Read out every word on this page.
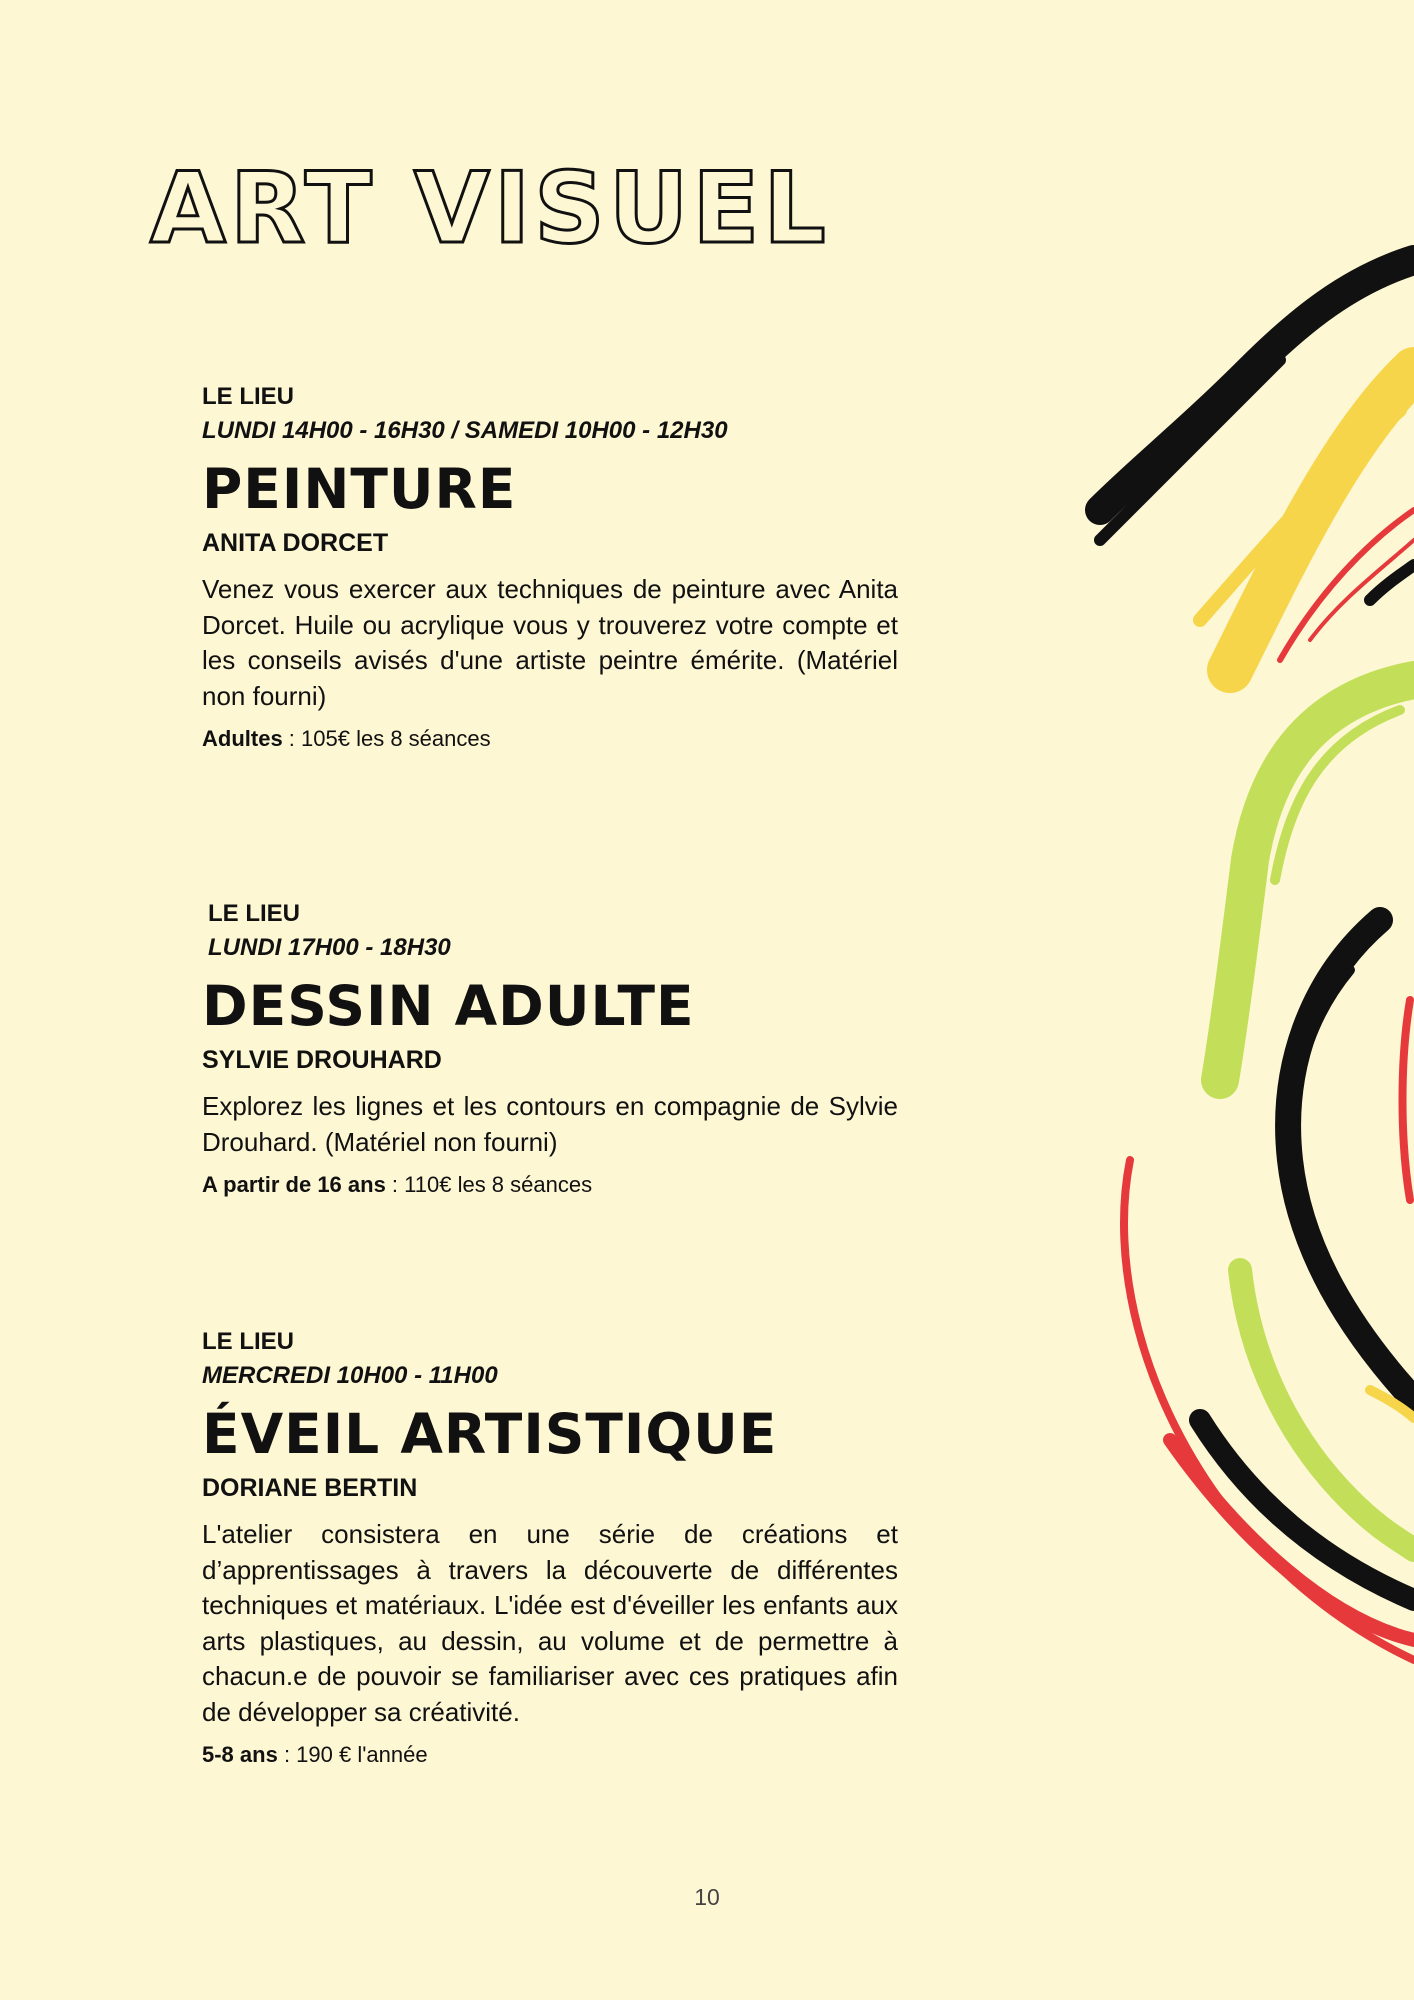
ART VISUEL
LE LIEU
LUNDI 14H00 - 16H30 / SAMEDI 10H00 - 12H30
PEINTURE
ANITA DORCET

Venez vous exercer aux techniques de peinture avec Anita Dorcet. Huile ou acrylique vous y trouverez votre compte et les conseils avisés d'une artiste peintre émérite. (Matériel non fourni)

Adultes : 105€ les 8 séances
LE LIEU
LUNDI 17H00 - 18H30
DESSIN ADULTE
SYLVIE DROUHARD

Explorez les lignes et les contours en compagnie de Sylvie Drouhard. (Matériel non fourni)

A partir de 16 ans : 110€ les 8 séances
LE LIEU
MERCREDI 10H00 - 11H00
ÉVEIL ARTISTIQUE
DORIANE BERTIN

L'atelier consistera en une série de créations et d’apprentissages à travers la découverte de différentes techniques et matériaux. L'idée est d'éveiller les enfants aux arts plastiques, au dessin, au volume et de permettre à chacun.e de pouvoir se familiariser avec ces pratiques afin de développer sa créativité.

5-8 ans : 190 € l'année
10
